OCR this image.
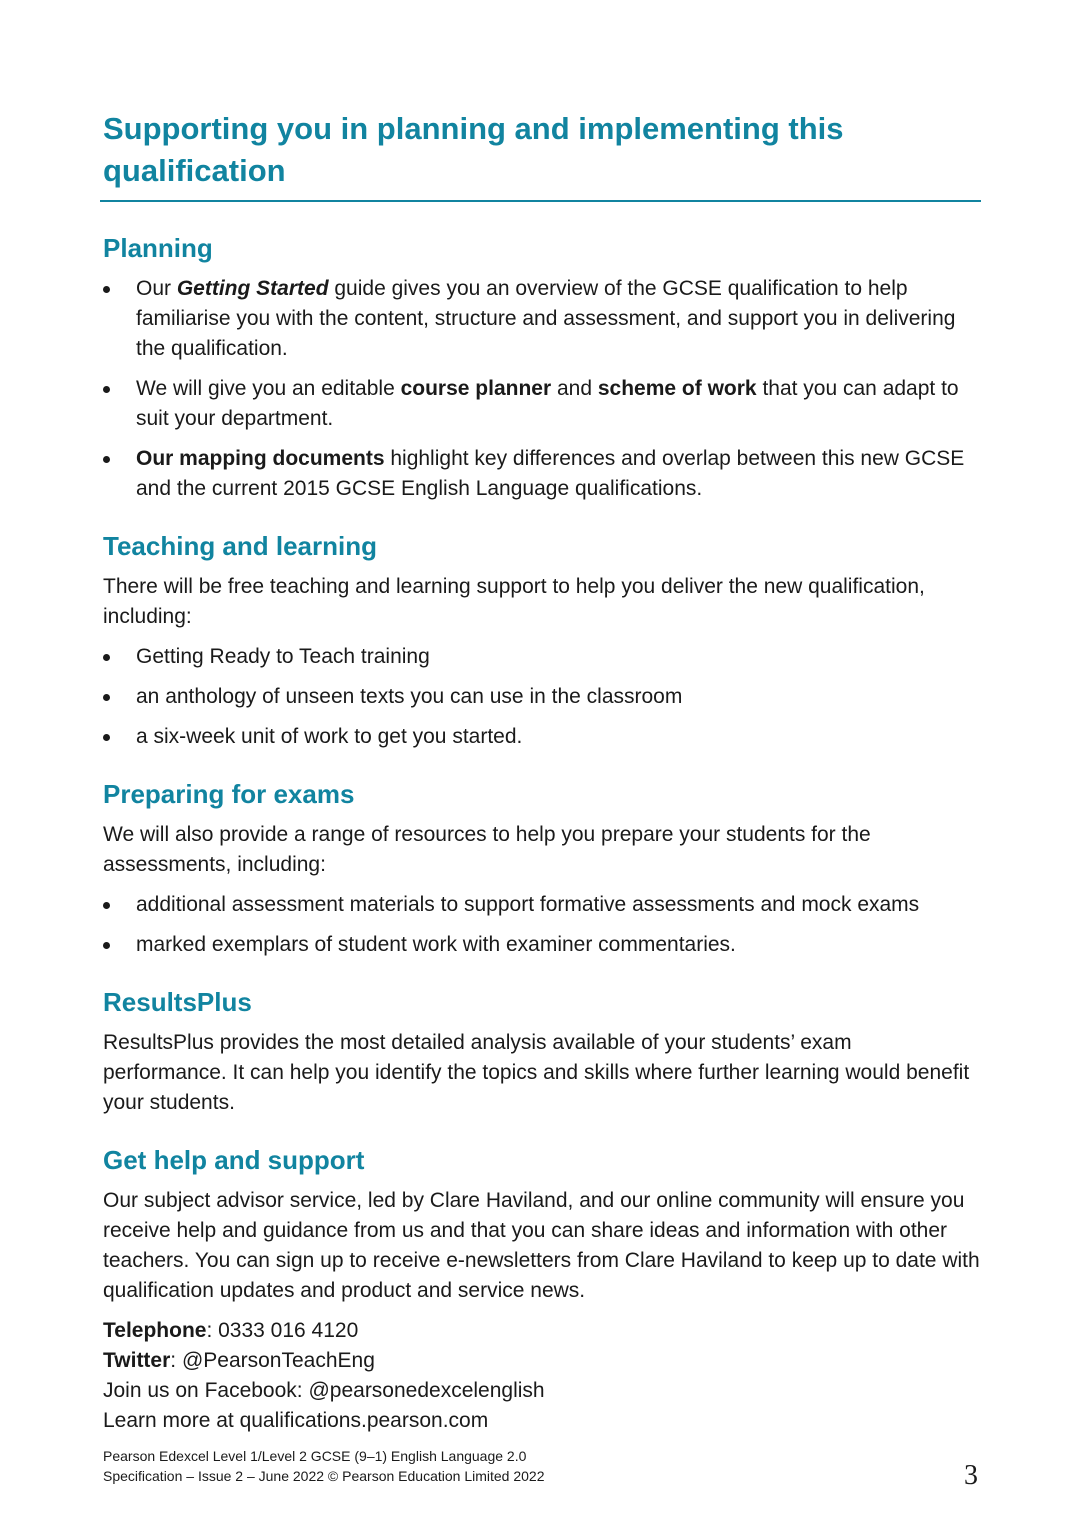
Supporting you in planning and implementing this qualification
Planning
Our Getting Started guide gives you an overview of the GCSE qualification to help familiarise you with the content, structure and assessment, and support you in delivering the qualification.
We will give you an editable course planner and scheme of work that you can adapt to suit your department.
Our mapping documents highlight key differences and overlap between this new GCSE and the current 2015 GCSE English Language qualifications.
Teaching and learning

There will be free teaching and learning support to help you deliver the new qualification, including:

Getting Ready to Teach training
an anthology of unseen texts you can use in the classroom
a six-week unit of work to get you started.
Preparing for exams

We will also provide a range of resources to help you prepare your students for the assessments, including:

additional assessment materials to support formative assessments and mock exams
marked exemplars of student work with examiner commentaries.
ResultsPlus

ResultsPlus provides the most detailed analysis available of your students’ exam performance. It can help you identify the topics and skills where further learning would benefit your students.

Get help and support

Our subject advisor service, led by Clare Haviland, and our online community will ensure you receive help and guidance from us and that you can share ideas and information with other teachers. You can sign up to receive e-newsletters from Clare Haviland to keep up to date with qualification updates and product and service news.

Telephone: 0333 016 4120
Twitter: @PearsonTeachEng
Join us on Facebook: @pearsonedexcelenglish
Learn more at qualifications.pearson.com
Pearson Edexcel Level 1/Level 2 GCSE (9–1) English Language 2.0
Specification – Issue 2 – June 2022 © Pearson Education Limited 2022	3
